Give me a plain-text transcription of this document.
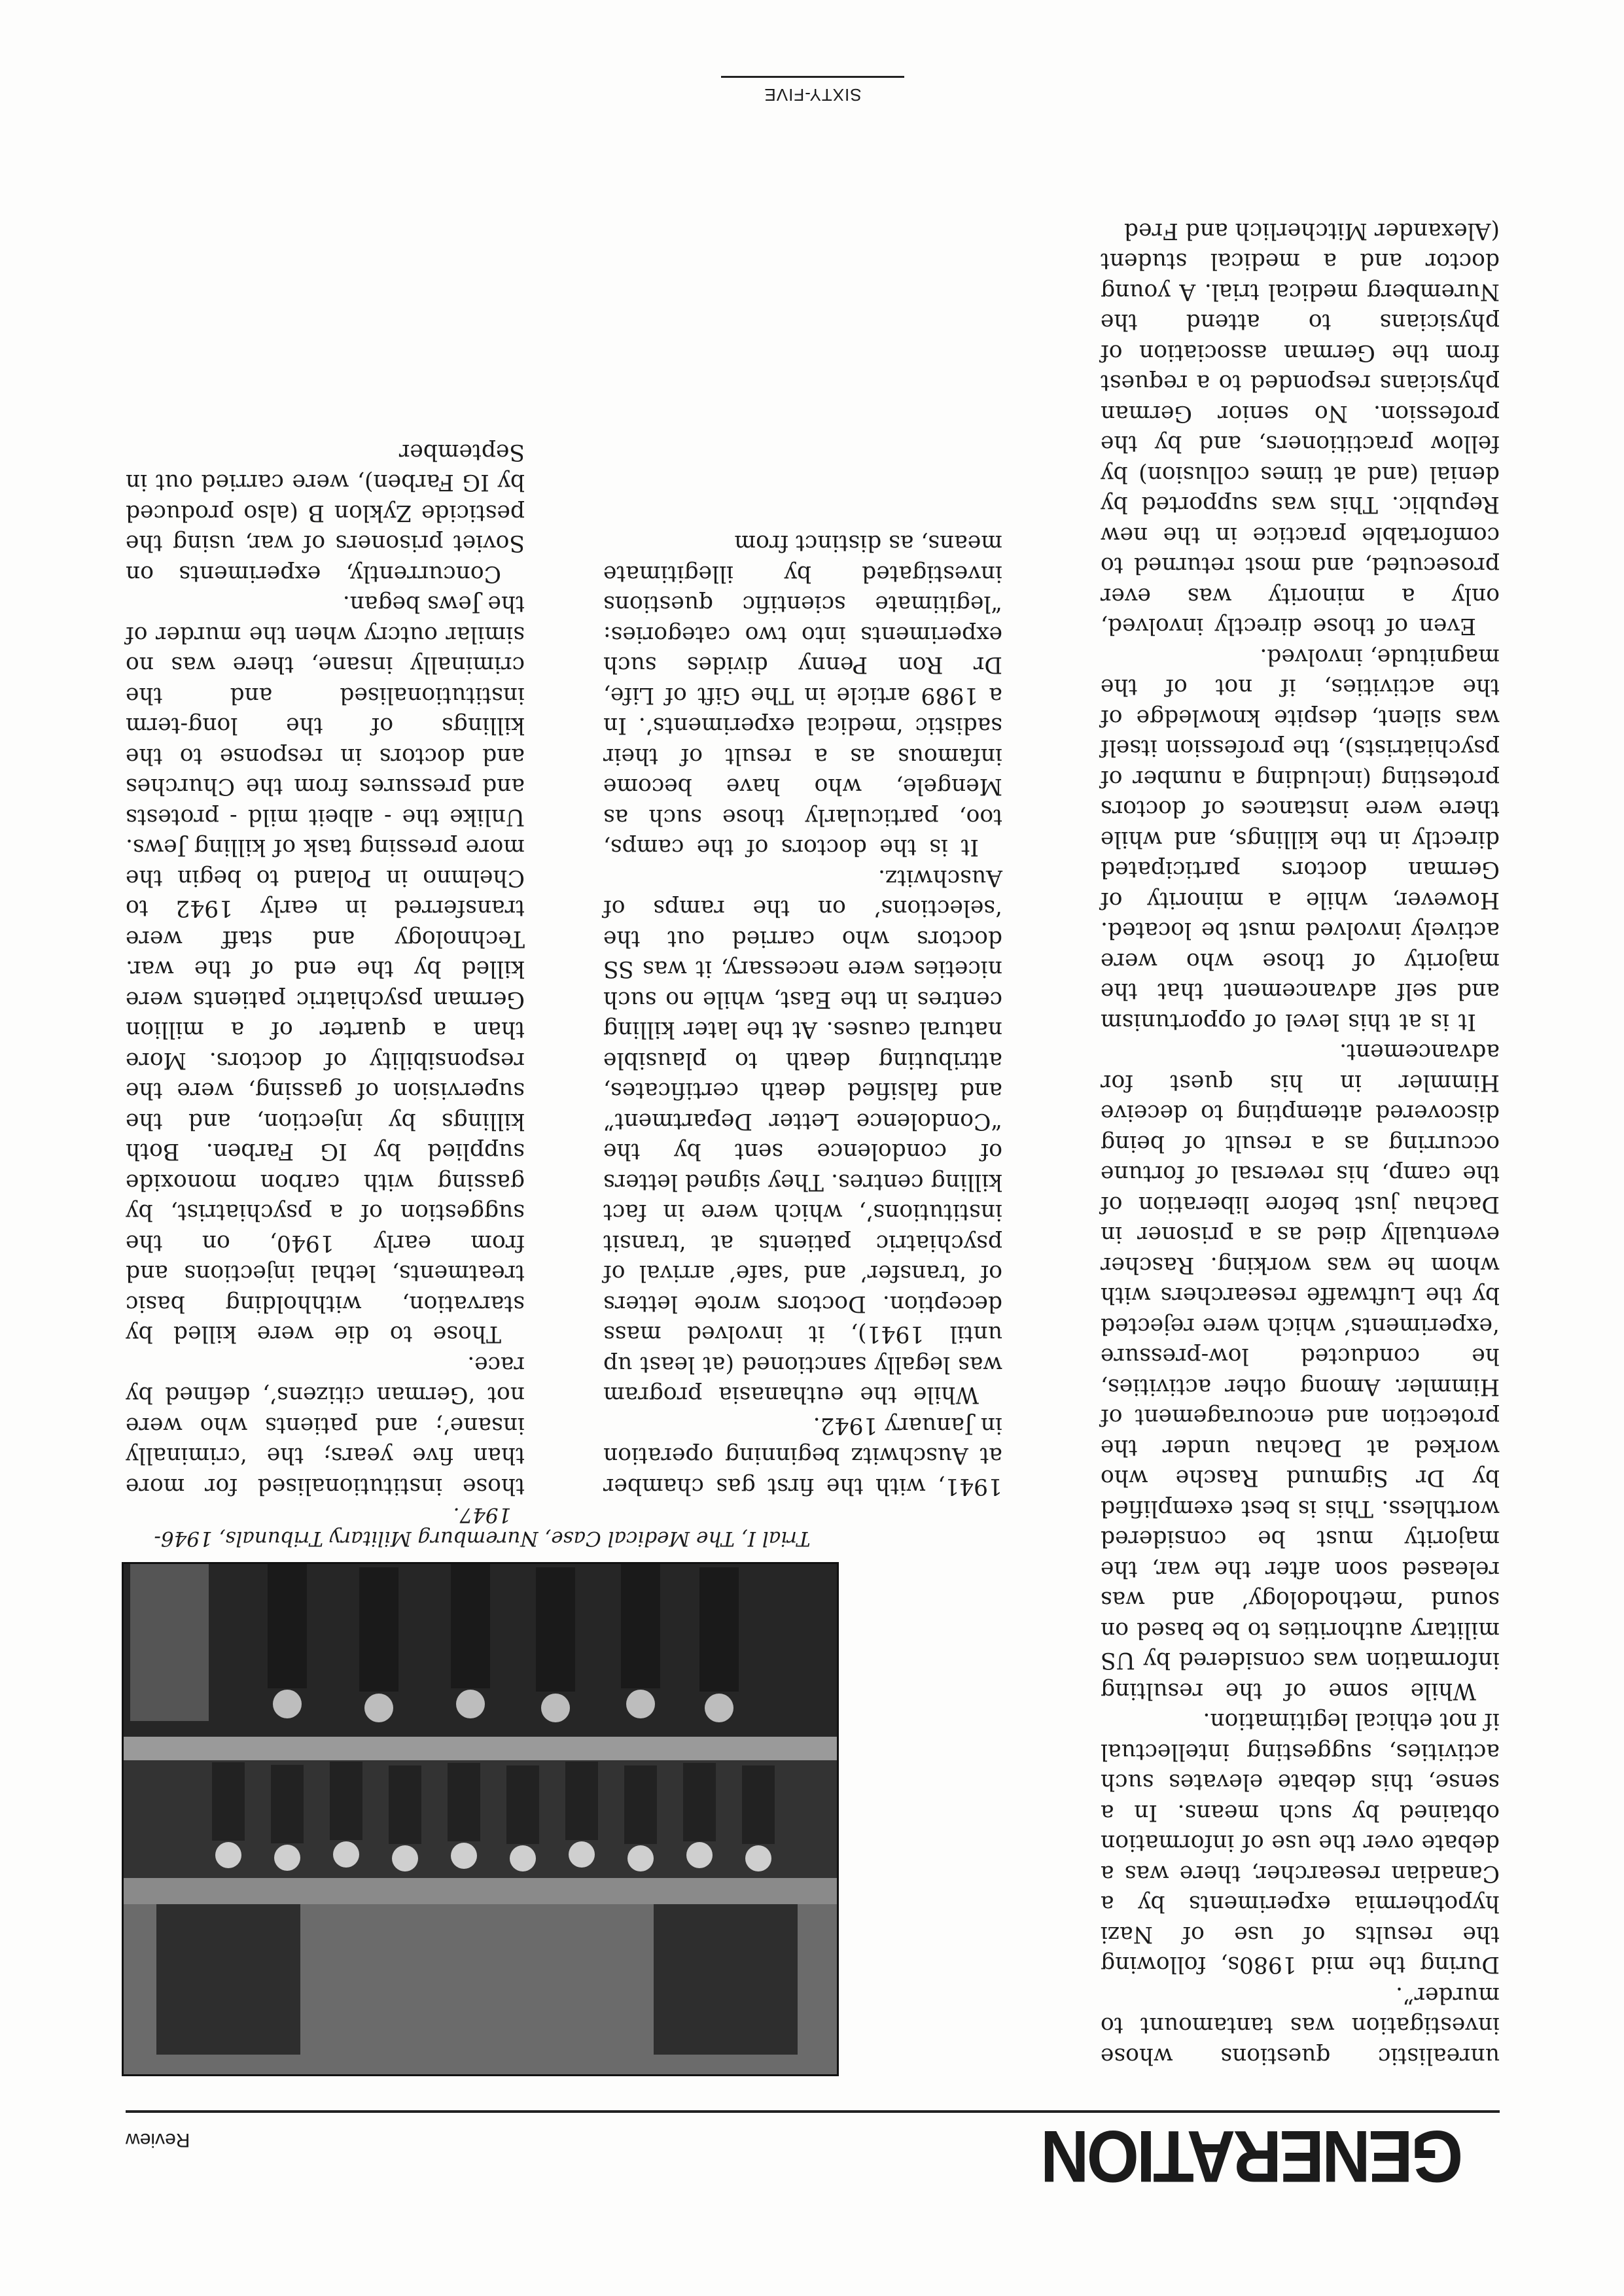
GENERATION
Review
Trial I, The Medical Case, Nuremburg Military Tribunals, 1946-1947.

unrealistic questions whose investigation was tantamount to murder”.

During the mid 1980s, following the results of use of Nazi hypothermia experiments by a Canadian researcher, there was a debate over the use of information obtained by such means. In a sense, this debate elevates such activities, suggesting intellectual if not ethical legitimation.

While some of the resulting information was considered by US military authorities to be based on sound ‘methodology’ and was released soon after the war, the majority must be considered worthless. This is best exemplified by Dr Sigmund Rasche who worked at Dachau under the protection and encouragement of Himmler. Among other activities, he conducted low-pressure ‘experiments’ which were rejected by the Luftwaffe researchers with whom he was working. Rascher eventually died as a prisoner in Dachau just before liberation of the camp, his reversal of fortune occurring as a result of being discovered attempting to deceive Himmler in his quest for advancement.

It is at this level of opportunism and self advancement that the majority of those who were actively involved must be located. However, while a minority of German doctors participated directly in the killings, and while there were instances of doctors protesting (including a number of psychiatrists), the profession itself was silent, despite knowledge of the activities, if not of the magnitude, involved.

Even of those directly involved, only a minority was ever prosecuted, and most returned to comfortable practice in the new Republic. This was supported by denial (and at times collusion) by fellow practitioners, and by the profession. No senior German physicians responded to a request from the German association of physicians to attend the Nuremberg medical trial. A young doctor and a medical student (Alexander Mitcherlich and Fred

1941, with the first gas chamber at Auschwitz beginning operation in January 1942.

While the euthanasia program was legally sanctioned (at least up until 1941), it involved mass deception. Doctors wrote letters of ‘transfer’ and ‘safe’ arrival of psychiatric patients at ‘transit institutions’, which were in fact killing centres. They signed letters of condolence sent by the “Condolence Letter Department” and falsified death certificates, attributing death to plausible natural causes. At the later killing centres in the East, while no such niceties were necessary, it was SS doctors who carried out the ‘selections’ on the ramps of Auschwitz.

It is the doctors of the camps, too, particularly those such as Mengele, who have become infamous as a result of their sadistic ‘medical experiments’. In a 1989 article in The Gift of Life, Dr Ron Penny divides such experiments into two categories: “legitimate scientific questions investigated by illegitimate means, as distinct from

those institutionalised for more than five years; the ‘criminally insane’; and patients who were not ‘German citizens’, defined by race.

Those to die were killed by starvation, withholding basic treatments, lethal injections and from early 1940, on the suggestion of a psychiatrist, by gassing with carbon monoxide supplied by IG Farben. Both killings by injection, and the supervision of gassing, were the responsibility of doctors. More than a quarter of a million German psychiatric patients were killed by the end of the war. Technology and staff were transferred in early 1942 to Chelmno in Poland to begin the more pressing task of killing Jews. Unlike the - albeit mild - protests and pressures from the Churches and doctors in response to the killings of the long-term institutionalised and the criminally insane, there was no similar outcry when the murder of the Jews began.

Concurrently, experiments on Soviet prisoners of war, using the pesticide Zyklon B (also produced by IG Farben), were carried out in September

SIXTY-FIVE
